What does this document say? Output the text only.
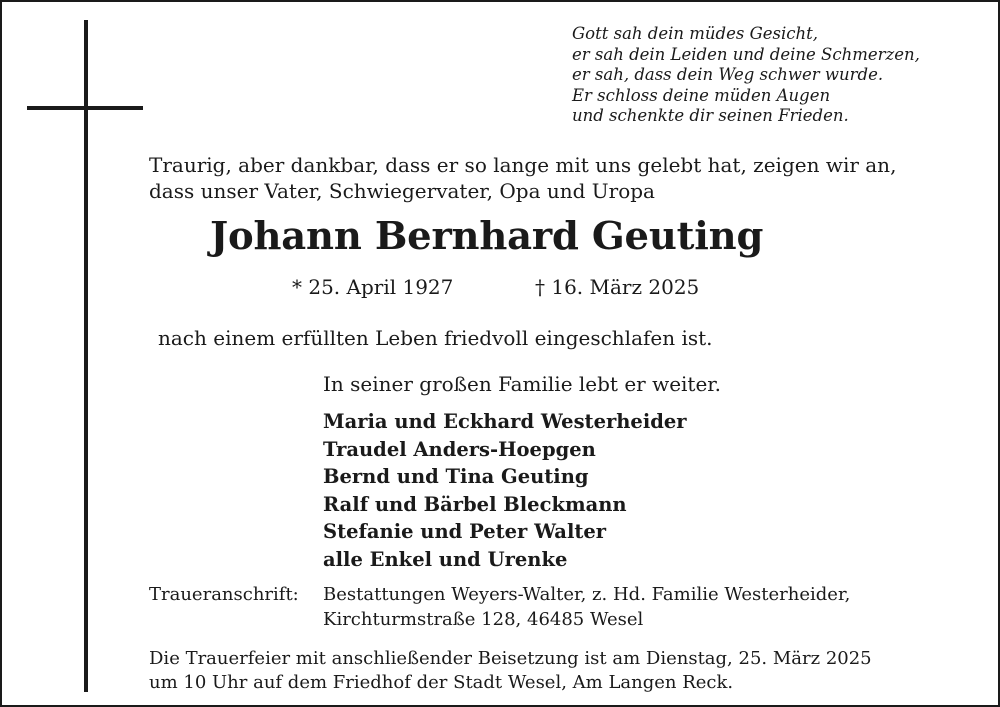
Gott sah dein müdes Gesicht,
er sah dein Leiden und deine Schmerzen,
er sah, dass dein Weg schwer wurde.
Er schloss deine müden Augen
und schenkte dir seinen Frieden.
Traurig, aber dankbar, dass er so lange mit uns gelebt hat, zeigen wir an,
dass unser Vater, Schwiegervater, Opa und Uropa
Johann Bernhard Geuting
* 25. April 1927	† 16. März 2025
nach einem erfüllten Leben friedvoll eingeschlafen ist.
In seiner großen Familie lebt er weiter.
Maria und Eckhard Westerheider
Traudel Anders-Hoepgen
Bernd und Tina Geuting
Ralf und Bärbel Bleckmann
Stefanie und Peter Walter
alle Enkel und Urenke
Traueranschrift: Bestattungen Weyers-Walter, z. Hd. Familie Westerheider,
Kirchturmstraße 128, 46485 Wesel
Die Trauerfeier mit anschließender Beisetzung ist am Dienstag, 25. März 2025
um 10 Uhr auf dem Friedhof der Stadt Wesel, Am Langen Reck.
